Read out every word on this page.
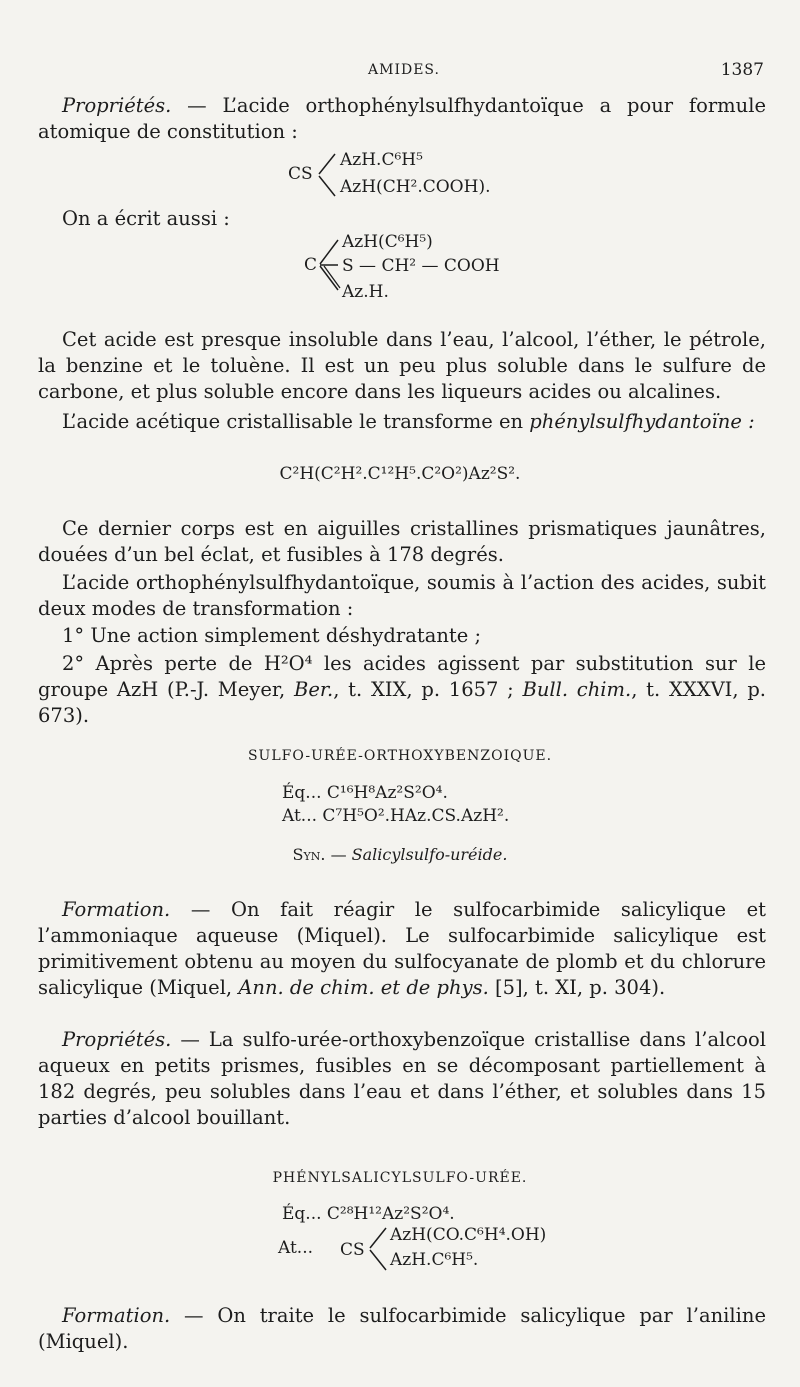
AMIDES.	1387
Propriétés. — L’acide orthophénylsulfhydantoïque a pour formule atomique de constitution :
CS
AzH.C⁶H⁵
AzH(CH².COOH).
On a écrit aussi :
C
AzH(C⁶H⁵)
S — CH² — COOH
Az.H.
Cet acide est presque insoluble dans l’eau, l’alcool, l’éther, le pétrole, la benzine et le toluène. Il est un peu plus soluble dans le sulfure de carbone, et plus soluble encore dans les liqueurs acides ou alcalines.
L’acide acétique cristallisable le transforme en phénylsulfhydantoïne :
C²H(C²H².C¹²H⁵.C²O²)Az²S².
Ce dernier corps est en aiguilles cristallines prismatiques jaunâtres, douées d’un bel éclat, et fusibles à 178 degrés.
L’acide orthophénylsulfhydantoïque, soumis à l’action des acides, subit deux modes de transformation :
1° Une action simplement déshydratante ;
2° Après perte de H²O⁴ les acides agissent par substitution sur le groupe AzH (P.-J. Meyer, Ber., t. XIX, p. 1657 ; Bull. chim., t. XXXVI, p. 673).
SULFO-URÉE-ORTHOXYBENZOIQUE.
Éq... C¹⁶H⁸Az²S²O⁴.
At... C⁷H⁵O².HAz.CS.AzH².
Syn. — Salicylsulfo-uréide.
Formation. — On fait réagir le sulfocarbimide salicylique et l’ammoniaque aqueuse (Miquel). Le sulfocarbimide salicylique est primitivement obtenu au moyen du sulfocyanate de plomb et du chlorure salicylique (Miquel, Ann. de chim. et de phys. [5], t. XI, p. 304).
Propriétés. — La sulfo-urée-orthoxybenzoïque cristallise dans l’alcool aqueux en petits prismes, fusibles en se décomposant partiellement à 182 degrés, peu solubles dans l’eau et dans l’éther, et solubles dans 15 parties d’alcool bouillant.
PHÉNYLSALICYLSULFO-URÉE.
Éq... C²⁸H¹²Az²S²O⁴.
At... CS
AzH(CO.C⁶H⁴.OH)
AzH.C⁶H⁵.
Formation. — On traite le sulfocarbimide salicylique par l’aniline (Miquel).
